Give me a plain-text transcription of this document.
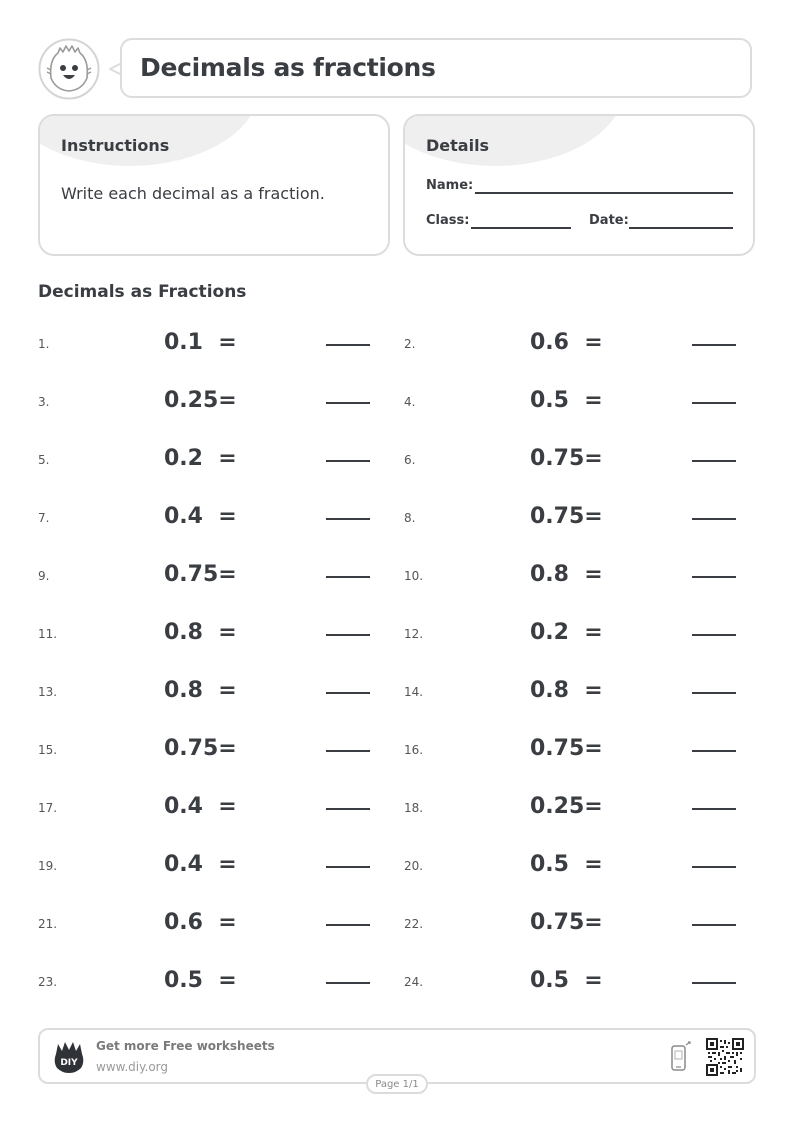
Decimals as fractions
Instructions
Write each decimal as a fraction.
Details
Name:
Class:	Date:
Decimals as Fractions
1.	0.1  =	2.	0.6  =
3.	0.25=	4.	0.5  =
5.	0.2  =	6.	0.75=
7.	0.4  =	8.	0.75=
9.	0.75=	10.	0.8  =
11.	0.8  =	12.	0.2  =
13.	0.8  =	14.	0.8  =
15.	0.75=	16.	0.75=
17.	0.4  =	18.	0.25=
19.	0.4  =	20.	0.5  =
21.	0.6  =	22.	0.75=
23.	0.5  =	24.	0.5  =
DIY
Get more Free worksheets
www.diy.org
Page 1/1
